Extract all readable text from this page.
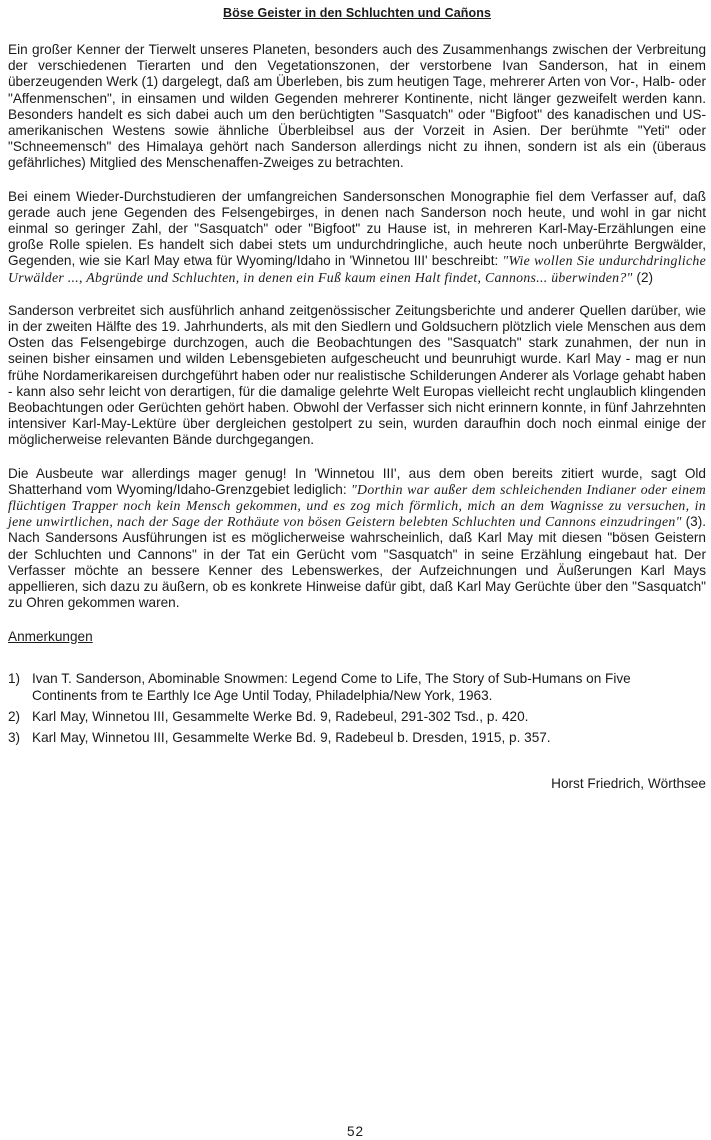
Böse Geister in den Schluchten und Cañons

Ein großer Kenner der Tierwelt unseres Planeten, besonders auch des Zusammenhangs zwischen der Verbreitung der verschiedenen Tierarten und den Vegetationszonen, der verstorbene Ivan Sanderson, hat in einem überzeugenden Werk (1) dargelegt, daß am Überleben, bis zum heutigen Tage, mehrerer Arten von Vor-, Halb- oder "Affenmenschen", in einsamen und wilden Gegenden mehrerer Kontinente, nicht länger gezweifelt werden kann. Besonders handelt es sich dabei auch um den berüchtigten "Sasquatch" oder "Bigfoot" des kanadischen und US-amerikanischen Westens sowie ähnliche Überbleibsel aus der Vorzeit in Asien. Der berühmte "Yeti" oder "Schneemensch" des Himalaya gehört nach Sanderson allerdings nicht zu ihnen, sondern ist als ein (überaus gefährliches) Mitglied des Menschenaffen-Zweiges zu betrachten.

Bei einem Wieder-Durchstudieren der umfangreichen Sandersonschen Monographie fiel dem Verfasser auf, daß gerade auch jene Gegenden des Felsengebirges, in denen nach Sanderson noch heute, und wohl in gar nicht einmal so geringer Zahl, der "Sasquatch" oder "Bigfoot" zu Hause ist, in mehreren Karl-May-Erzählungen eine große Rolle spielen. Es handelt sich dabei stets um undurchdringliche, auch heute noch unberührte Bergwälder, Gegenden, wie sie Karl May etwa für Wyoming/Idaho in 'Winnetou III' beschreibt: "Wie wollen Sie undurchdringliche Urwälder ..., Abgründe und Schluchten, in denen ein Fuß kaum einen Halt findet, Cannons... überwinden?" (2)

Sanderson verbreitet sich ausführlich anhand zeitgenössischer Zeitungsberichte und anderer Quellen darüber, wie in der zweiten Hälfte des 19. Jahrhunderts, als mit den Siedlern und Goldsuchern plötzlich viele Menschen aus dem Osten das Felsengebirge durchzogen, auch die Beobachtungen des "Sasquatch" stark zunahmen, der nun in seinen bisher einsamen und wilden Lebensgebieten aufgescheucht und beunruhigt wurde. Karl May - mag er nun frühe Nordamerikareisen durchgeführt haben oder nur realistische Schilderungen Anderer als Vorlage gehabt haben - kann also sehr leicht von derartigen, für die damalige gelehrte Welt Europas vielleicht recht unglaublich klingenden Beobachtungen oder Gerüchten gehört haben. Obwohl der Verfasser sich nicht erinnern konnte, in fünf Jahrzehnten intensiver Karl-May-Lektüre über dergleichen gestolpert zu sein, wurden daraufhin doch noch einmal einige der möglicherweise relevanten Bände durchgegangen.

Die Ausbeute war allerdings mager genug! In 'Winnetou III', aus dem oben bereits zitiert wurde, sagt Old Shatterhand vom Wyoming/Idaho-Grenzgebiet lediglich: "Dorthin war außer dem schleichenden Indianer oder einem flüchtigen Trapper noch kein Mensch gekommen, und es zog mich förmlich, mich an dem Wagnisse zu versuchen, in jene unwirtlichen, nach der Sage der Rothäute von bösen Geistern belebten Schluchten und Cannons einzudringen" (3). Nach Sandersons Ausführungen ist es möglicherweise wahrscheinlich, daß Karl May mit diesen "bösen Geistern der Schluchten und Cannons" in der Tat ein Gerücht vom "Sasquatch" in seine Erzählung eingebaut hat. Der Verfasser möchte an bessere Kenner des Lebenswerkes, der Aufzeichnungen und Äußerungen Karl Mays appellieren, sich dazu zu äußern, ob es konkrete Hinweise dafür gibt, daß Karl May Gerüchte über den "Sasquatch" zu Ohren gekommen waren.

Anmerkungen
1) Ivan T. Sanderson, Abominable Snowmen: Legend Come to Life, The Story of Sub-Humans on Five Continents from te Earthly Ice Age Until Today, Philadelphia/New York, 1963.
2) Karl May, Winnetou III, Gesammelte Werke Bd. 9, Radebeul, 291-302 Tsd., p. 420.
3) Karl May, Winnetou III, Gesammelte Werke Bd. 9, Radebeul b. Dresden, 1915, p. 357.
Horst Friedrich, Wörthsee
52
